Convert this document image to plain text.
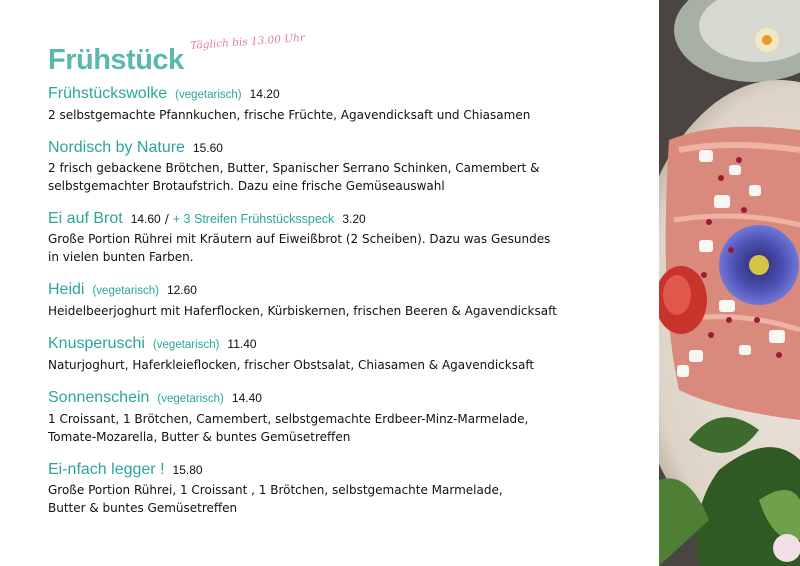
Frühstück
Täglich bis 13.00 Uhr
Frühstückswolke (vegetarisch) 14.20
2 selbstgemachte Pfannkuchen, frische Früchte, Agavendicksaft und Chiasamen
Nordisch by Nature 15.60
2 frisch gebackene Brötchen, Butter, Spanischer Serrano Schinken, Camembert &
selbstgemachter Brotaufstrich. Dazu eine frische Gemüseauswahl
Ei auf Brot 14.60 / + 3 Streifen Frühstücksspeck 3.20
Große Portion Rührei mit Kräutern auf Eiweißbrot (2 Scheiben). Dazu was Gesundes
in vielen bunten Farben.
Heidi (vegetarisch) 12.60
Heidelbeerjoghurt mit Haferflocken, Kürbiskernen, frischen Beeren & Agavendicksaft
Knusperuschi (vegetarisch) 11.40
Naturjoghurt, Haferkleieflocken, frischer Obstsalat, Chiasamen & Agavendicksaft
Sonnenschein (vegetarisch) 14.40
1 Croissant, 1 Brötchen, Camembert, selbstgemachte Erdbeer-Minz-Marmelade,
Tomate-Mozarella, Butter & buntes Gemüsetreffen
Ei-nfach legger ! 15.80
Große Portion Rührei, 1 Croissant , 1 Brötchen, selbstgemachte Marmelade,
Butter & buntes Gemüsetreffen
